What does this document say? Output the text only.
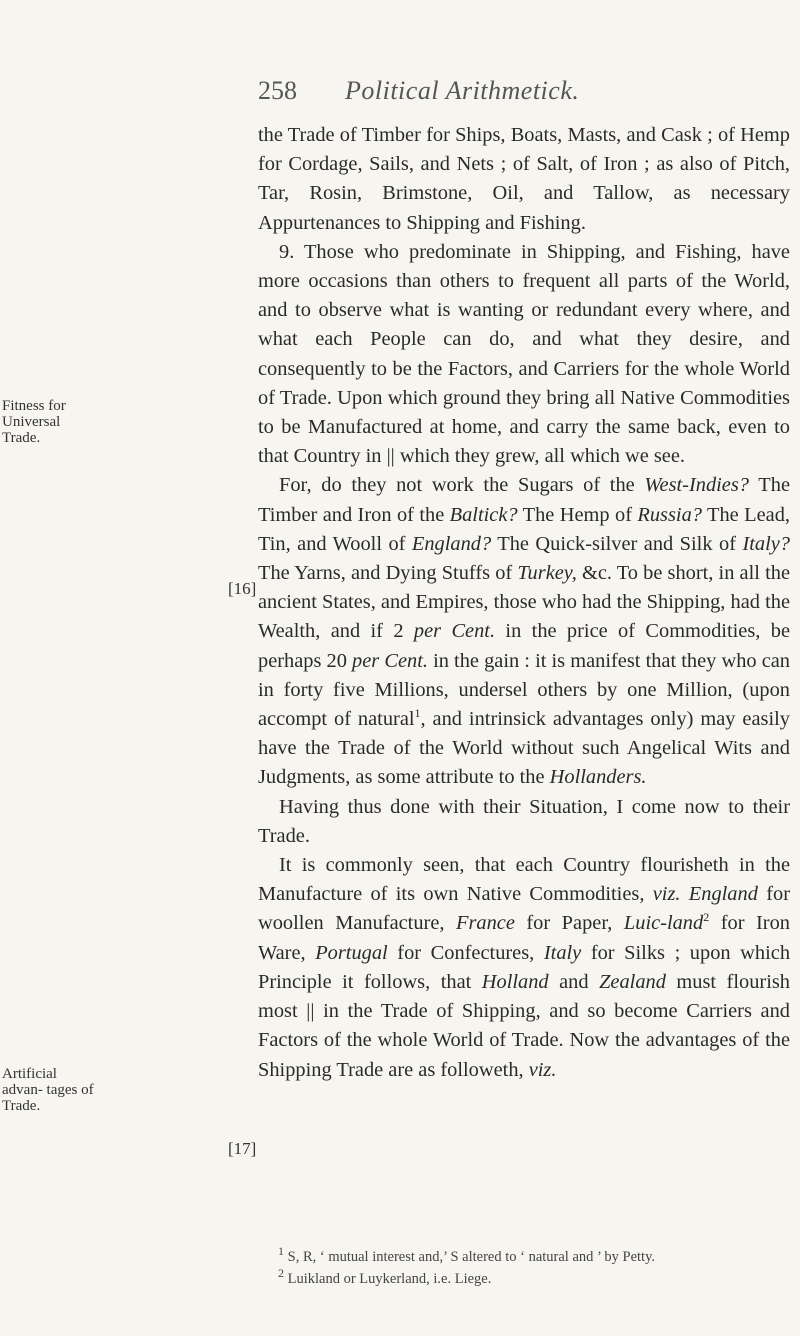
258 Political Arithmetick.
Fitness for Universal Trade.
Artificial advan- tages of Trade.
[16]
[17]

the Trade of Timber for Ships, Boats, Masts, and Cask ; of Hemp for Cordage, Sails, and Nets ; of Salt, of Iron ; as also of Pitch, Tar, Rosin, Brimstone, Oil, and Tallow, as necessary Appurtenances to Shipping and Fishing.

9. Those who predominate in Shipping, and Fishing, have more occasions than others to frequent all parts of the World, and to observe what is wanting or redundant every where, and what each People can do, and what they desire, and consequently to be the Factors, and Carriers for the whole World of Trade. Upon which ground they bring all Native Commodities to be Manufactured at home, and carry the same back, even to that Country in || which they grew, all which we see.

For, do they not work the Sugars of the West-Indies? The Timber and Iron of the Baltick? The Hemp of Russia? The Lead, Tin, and Wooll of England? The Quick-silver and Silk of Italy? The Yarns, and Dying Stuffs of Turkey, &c. To be short, in all the ancient States, and Empires, those who had the Shipping, had the Wealth, and if 2 per Cent. in the price of Commodities, be perhaps 20 per Cent. in the gain : it is manifest that they who can in forty five Millions, undersel others by one Million, (upon accompt of natural$^1$, and intrinsick advantages only) may easily have the Trade of the World without such Angelical Wits and Judgments, as some attribute to the Hollanders.

Having thus done with their Situation, I come now to their Trade.

It is commonly seen, that each Country flourisheth in the Manufacture of its own Native Commodities, viz. England for woollen Manufacture, France for Paper, Luic-land$^2$ for Iron Ware, Portugal for Confectures, Italy for Silks ; upon which Principle it follows, that Holland and Zealand must flourish most || in the Trade of Shipping, and so become Carriers and Factors of the whole World of Trade. Now the advantages of the Shipping Trade are as followeth, viz.

$^1$ S, R, ‘ mutual interest and,’ S altered to ‘ natural and ’ by Petty.
$^2$ Luikland or Luykerland, i.e. Liege.
